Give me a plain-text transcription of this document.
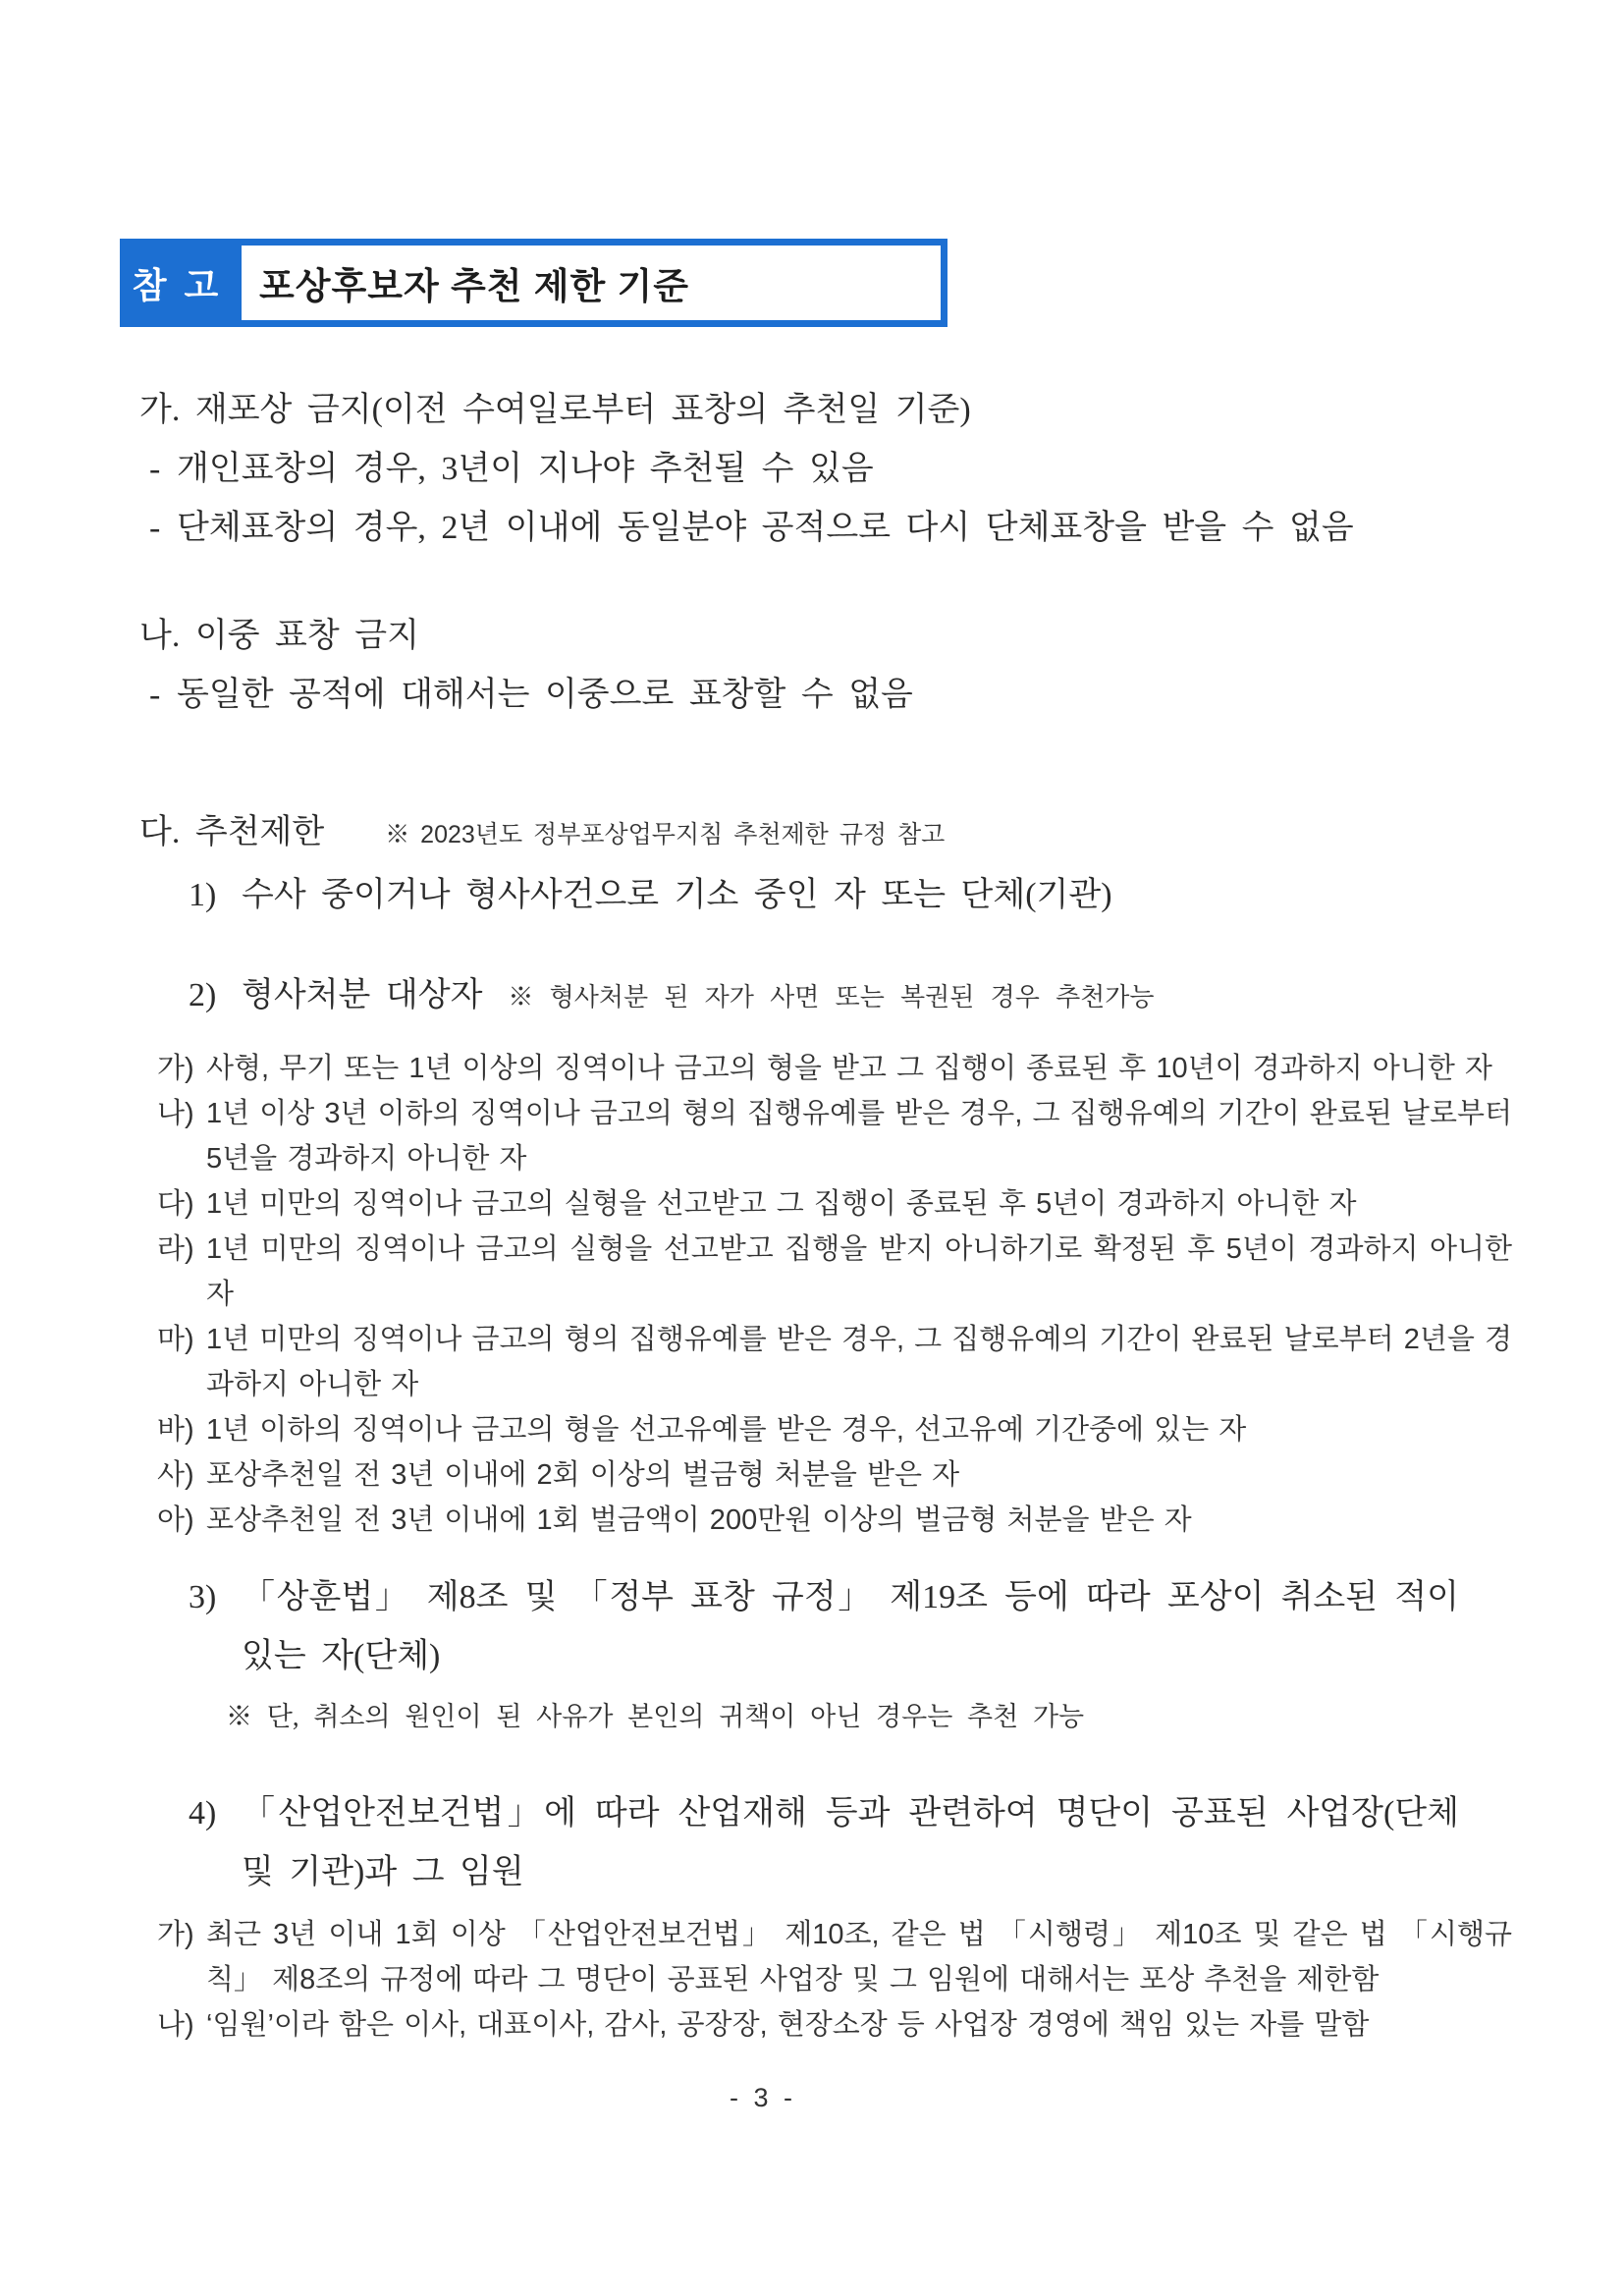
참 고 포상후보자 추천 제한 기준
가. 재포상 금지(이전 수여일로부터 표창의 추천일 기준)
- 개인표창의 경우, 3년이 지나야 추천될 수 있음
- 단체표창의 경우, 2년 이내에 동일분야 공적으로 다시 단체표창을 받을 수 없음
나. 이중 표창 금지
- 동일한 공적에 대해서는 이중으로 표창할 수 없음
다. 추천제한 ※ 2023년도 정부포상업무지침 추천제한 규정 참고
1) 수사 중이거나 형사사건으로 기소 중인 자 또는 단체(기관)
2) 형사처분 대상자 ※ 형사처분 된 자가 사면 또는 복권된 경우 추천가능
가) 사형, 무기 또는 1년 이상의 징역이나 금고의 형을 받고 그 집행이 종료된 후 10년이 경과하지 아니한 자
나) 1년 이상 3년 이하의 징역이나 금고의 형의 집행유예를 받은 경우, 그 집행유예의 기간이 완료된 날로부터 5년을 경과하지 아니한 자
다) 1년 미만의 징역이나 금고의 실형을 선고받고 그 집행이 종료된 후 5년이 경과하지 아니한 자
라) 1년 미만의 징역이나 금고의 실형을 선고받고 집행을 받지 아니하기로 확정된 후 5년이 경과하지 아니한 자
마) 1년 미만의 징역이나 금고의 형의 집행유예를 받은 경우, 그 집행유예의 기간이 완료된 날로부터 2년을 경과하지 아니한 자
바) 1년 이하의 징역이나 금고의 형을 선고유예를 받은 경우, 선고유예 기간중에 있는 자
사) 포상추천일 전 3년 이내에 2회 이상의 벌금형 처분을 받은 자
아) 포상추천일 전 3년 이내에 1회 벌금액이 200만원 이상의 벌금형 처분을 받은 자
3) 「상훈법」 제8조 및 「정부 표창 규정」 제19조 등에 따라 포상이 취소된 적이 있는 자(단체)
※ 단, 취소의 원인이 된 사유가 본인의 귀책이 아닌 경우는 추천 가능
4) 「산업안전보건법」에 따라 산업재해 등과 관련하여 명단이 공표된 사업장(단체 및 기관)과 그 임원
가) 최근 3년 이내 1회 이상 「산업안전보건법」 제10조, 같은 법 「시행령」 제10조 및 같은 법 「시행규칙」 제8조의 규정에 따라 그 명단이 공표된 사업장 및 그 임원에 대해서는 포상 추천을 제한함
나) ‘임원’이라 함은 이사, 대표이사, 감사, 공장장, 현장소장 등 사업장 경영에 책임 있는 자를 말함
- 3 -
